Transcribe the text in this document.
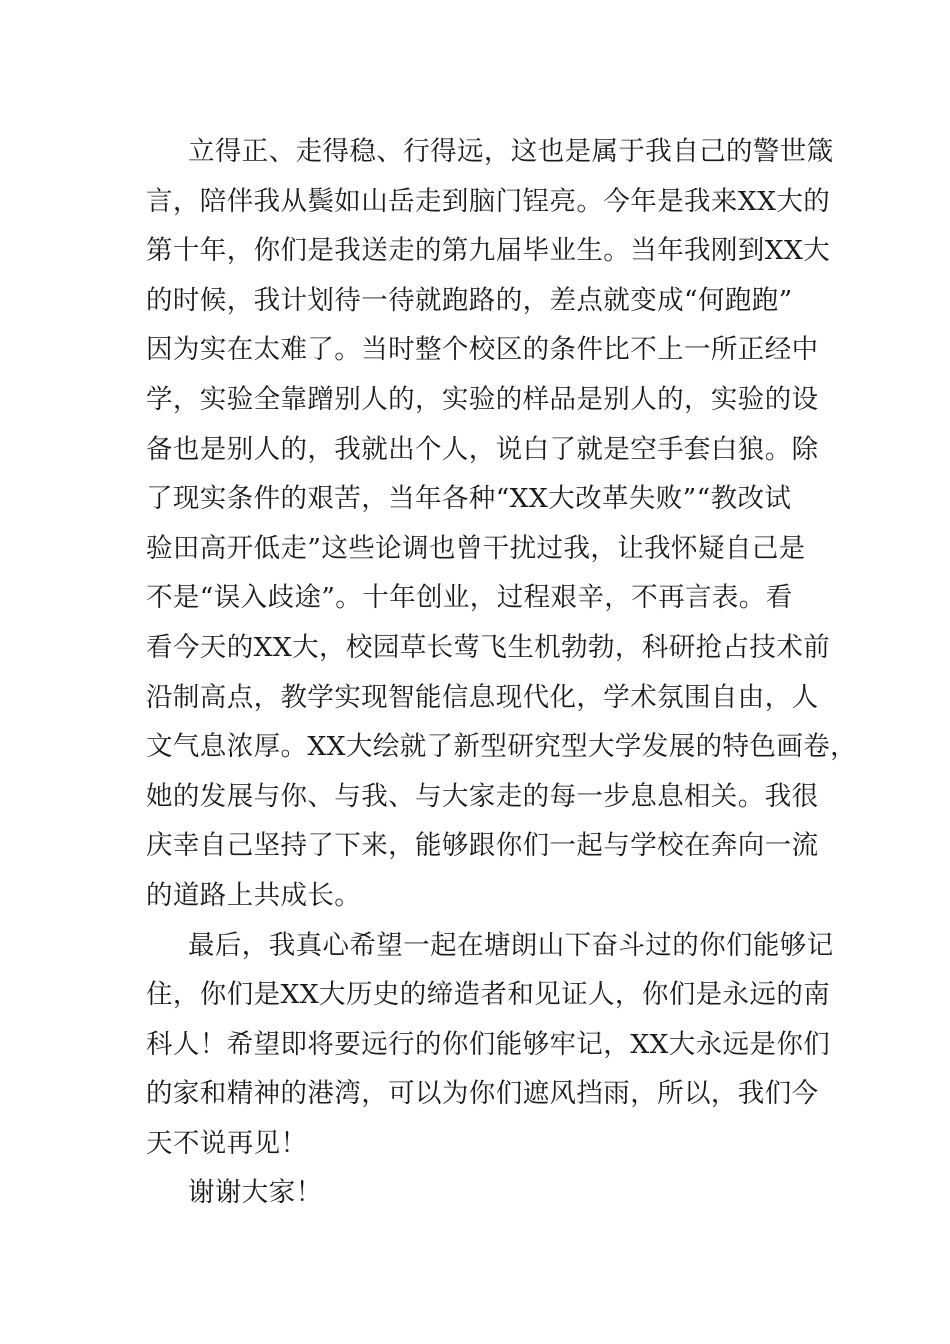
立得正、走得稳、行得远，这也是属于我自己的警世箴
言，陪伴我从鬓如山岳走到脑门锃亮。今年是我来XX大的
第十年，你们是我送走的第九届毕业生。当年我刚到XX大
的时候，我计划待一待就跑路的，差点就变成“何跑跑”
因为实在太难了。当时整个校区的条件比不上一所正经中
学，实验全靠蹭别人的，实验的样品是别人的，实验的设
备也是别人的，我就出个人，说白了就是空手套白狼。除
了现实条件的艰苦，当年各种“XX大改革失败”“教改试
验田高开低走”这些论调也曾干扰过我，让我怀疑自己是
不是“误入歧途”。十年创业，过程艰辛，不再言表。看
看今天的XX大，校园草长莺飞生机勃勃，科研抢占技术前
沿制高点，教学实现智能信息现代化，学术氛围自由，人
文气息浓厚。XX大绘就了新型研究型大学发展的特色画卷，
她的发展与你、与我、与大家走的每一步息息相关。我很
庆幸自己坚持了下来，能够跟你们一起与学校在奔向一流
的道路上共成长。
最后，我真心希望一起在塘朗山下奋斗过的你们能够记
住，你们是XX大历史的缔造者和见证人，你们是永远的南
科人！希望即将要远行的你们能够牢记，XX大永远是你们
的家和精神的港湾，可以为你们遮风挡雨，所以，我们今
天不说再见！
谢谢大家！
